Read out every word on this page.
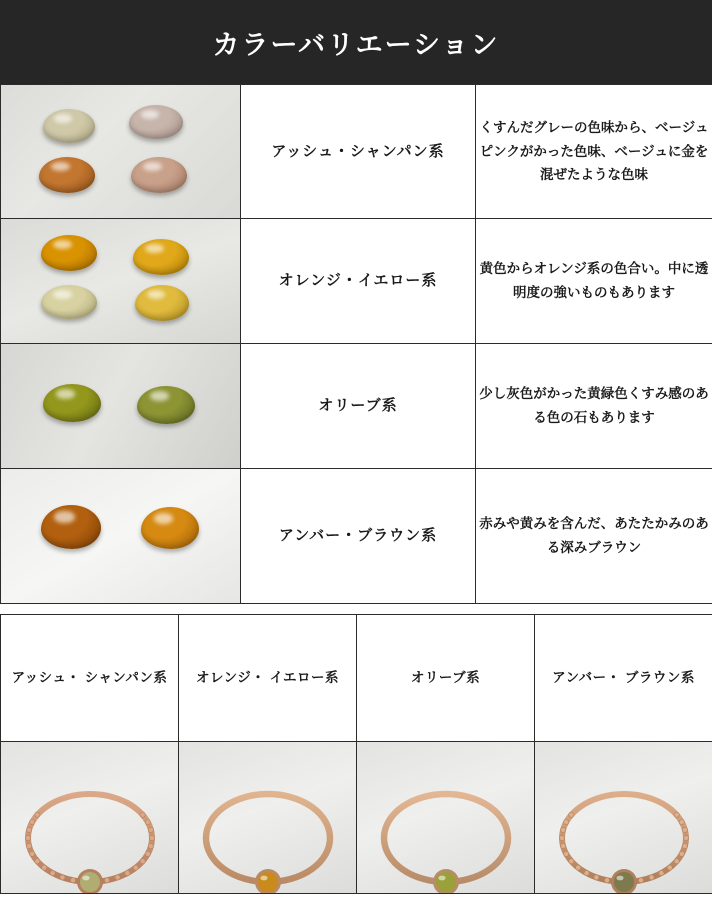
カラーバリエーション
	アッシュ・シャンパン系	くすんだグレーの色味から、ベージュ ピンクがかった色味、ベージュに金を混ぜたような色味

	オレンジ・イエロー系	黄色からオレンジ系の色合い。中に透明度の強いものもあります

	オリーブ系	少し灰色がかった黄緑色くすみ感のある色の石もあります

	アンバー・ブラウン系	赤みや黄みを含んだ、あたたかみのある深みブラウン
アッシュ・ シャンパン系	オレンジ・ イエロー系	オリーブ系	アンバー・ ブラウン系
